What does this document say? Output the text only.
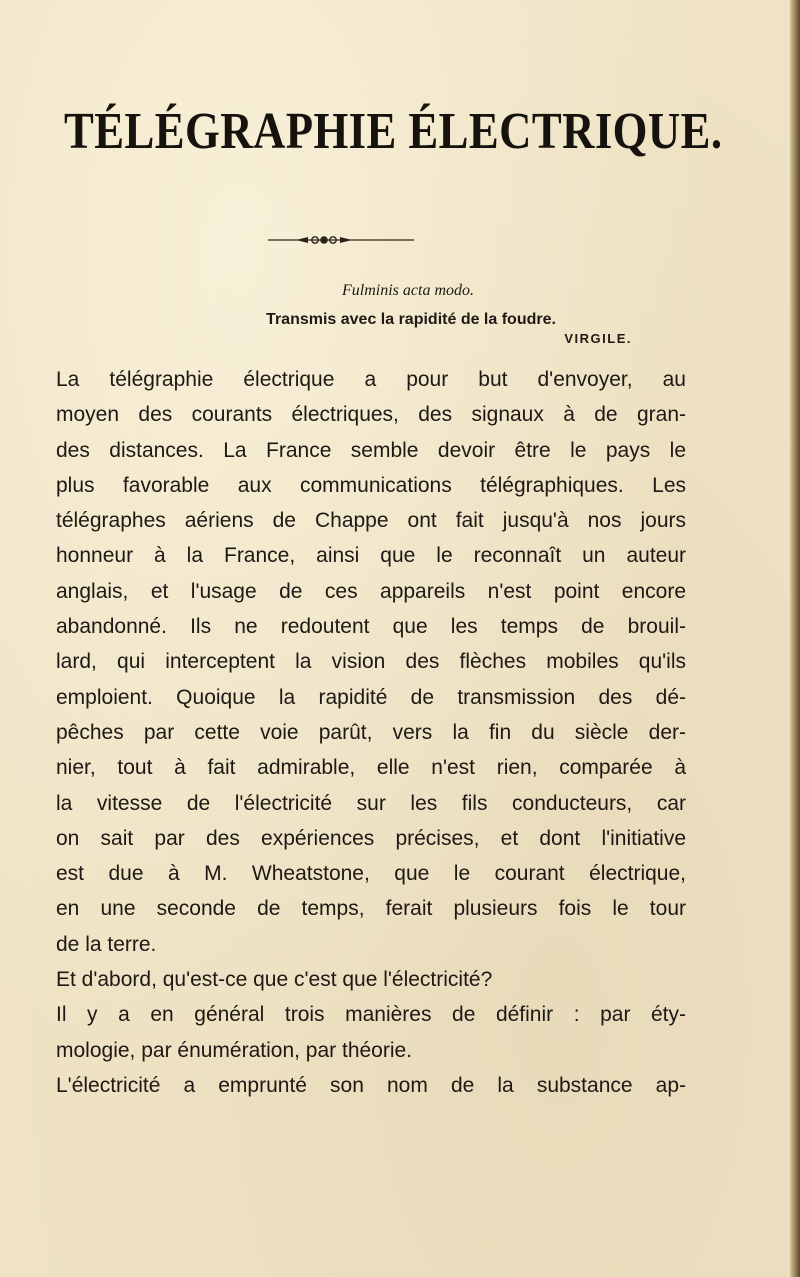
TÉLÉGRAPHIE ÉLECTRIQUE.
Fulminis acta modo.
Transmis avec la rapidité de la foudre.
VIRGILE.
La télégraphie électrique a pour but d'envoyer, au
moyen des courants électriques, des signaux à de gran-
des distances. La France semble devoir être le pays le
plus favorable aux communications télégraphiques. Les
télégraphes aériens de Chappe ont fait jusqu'à nos jours
honneur à la France, ainsi que le reconnaît un auteur
anglais, et l'usage de ces appareils n'est point encore
abandonné. Ils ne redoutent que les temps de brouil-
lard, qui interceptent la vision des flèches mobiles qu'ils
emploient. Quoique la rapidité de transmission des dé-
pêches par cette voie parût, vers la fin du siècle der-
nier, tout à fait admirable, elle n'est rien, comparée à
la vitesse de l'électricité sur les fils conducteurs, car
on sait par des expériences précises, et dont l'initiative
est due à M. Wheatstone, que le courant électrique,
en une seconde de temps, ferait plusieurs fois le tour
de la terre.
Et d'abord, qu'est-ce que c'est que l'électricité?
Il y a en général trois manières de définir : par éty-
mologie, par énumération, par théorie.
L'électricité a emprunté son nom de la substance ap-
